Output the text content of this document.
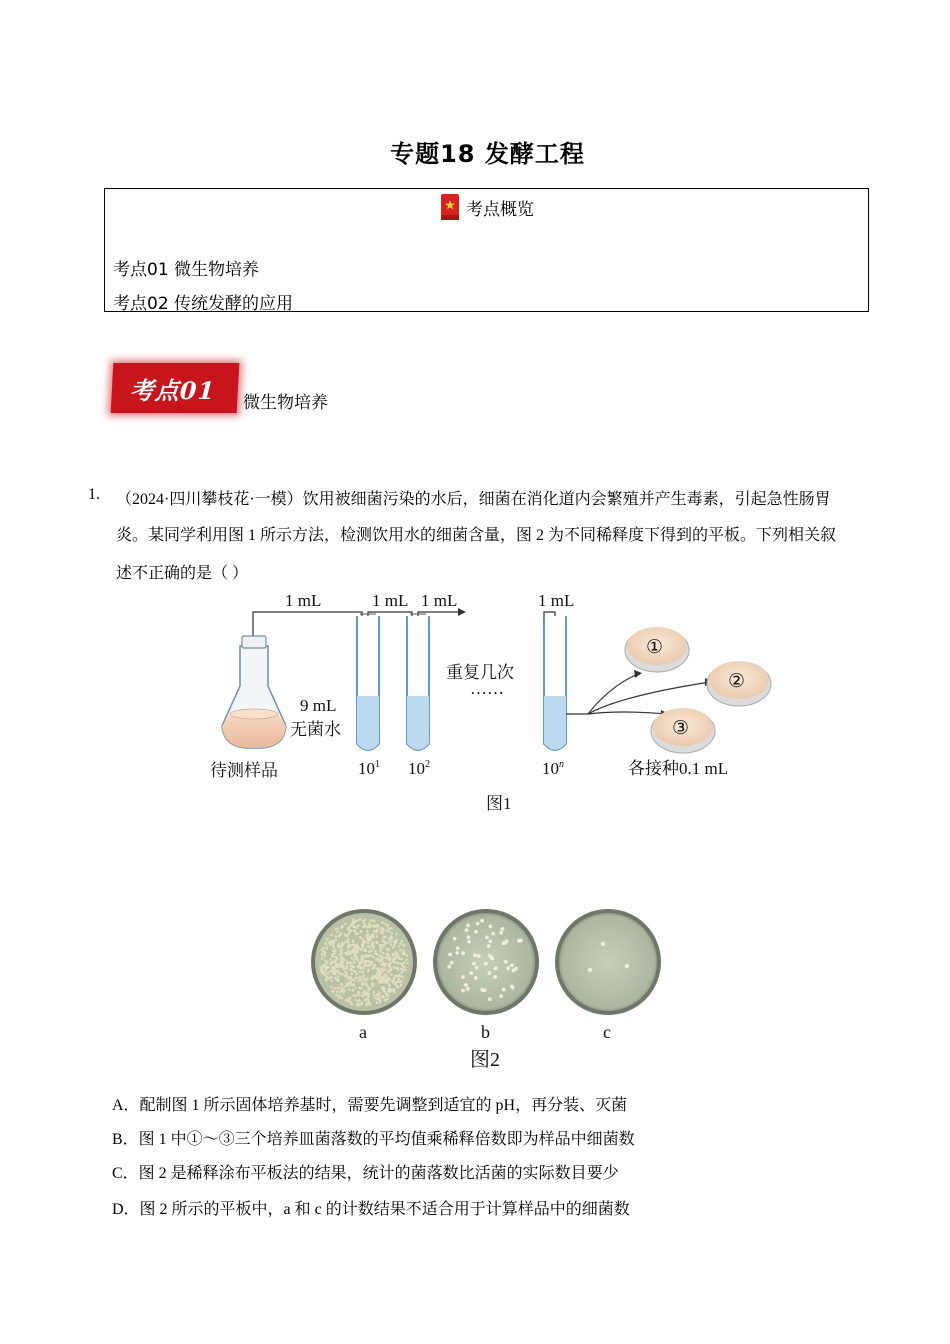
专题18 发酵工程
考点概览
考点01 微生物培养
考点02 传统发酵的应用
考点01 微生物培养
1. （2024·四川攀枝花·一模）饮用被细菌污染的水后，细菌在消化道内会繁殖并产生毒素，引起急性肠胃
炎。某同学利用图 1 所示方法，检测饮用水的细菌含量，图 2 为不同稀释度下得到的平板。下列相关叙
述不正确的是（ ）
1 mL	1 mL 1 mL	1 mL
9 mL
无菌水
重复几次
……
待测样品	$10^1$ $10^2$	10$^n$
①
②
③
各接种0.1 mL
图1
a	b	c
图2
A．配制图 1 所示固体培养基时，需要先调整到适宜的 pH，再分装、灭菌
B．图 1 中①～③三个培养皿菌落数的平均值乘稀释倍数即为样品中细菌数
C．图 2 是稀释涂布平板法的结果，统计的菌落数比活菌的实际数目要少
D．图 2 所示的平板中，a 和 c 的计数结果不适合用于计算样品中的细菌数
